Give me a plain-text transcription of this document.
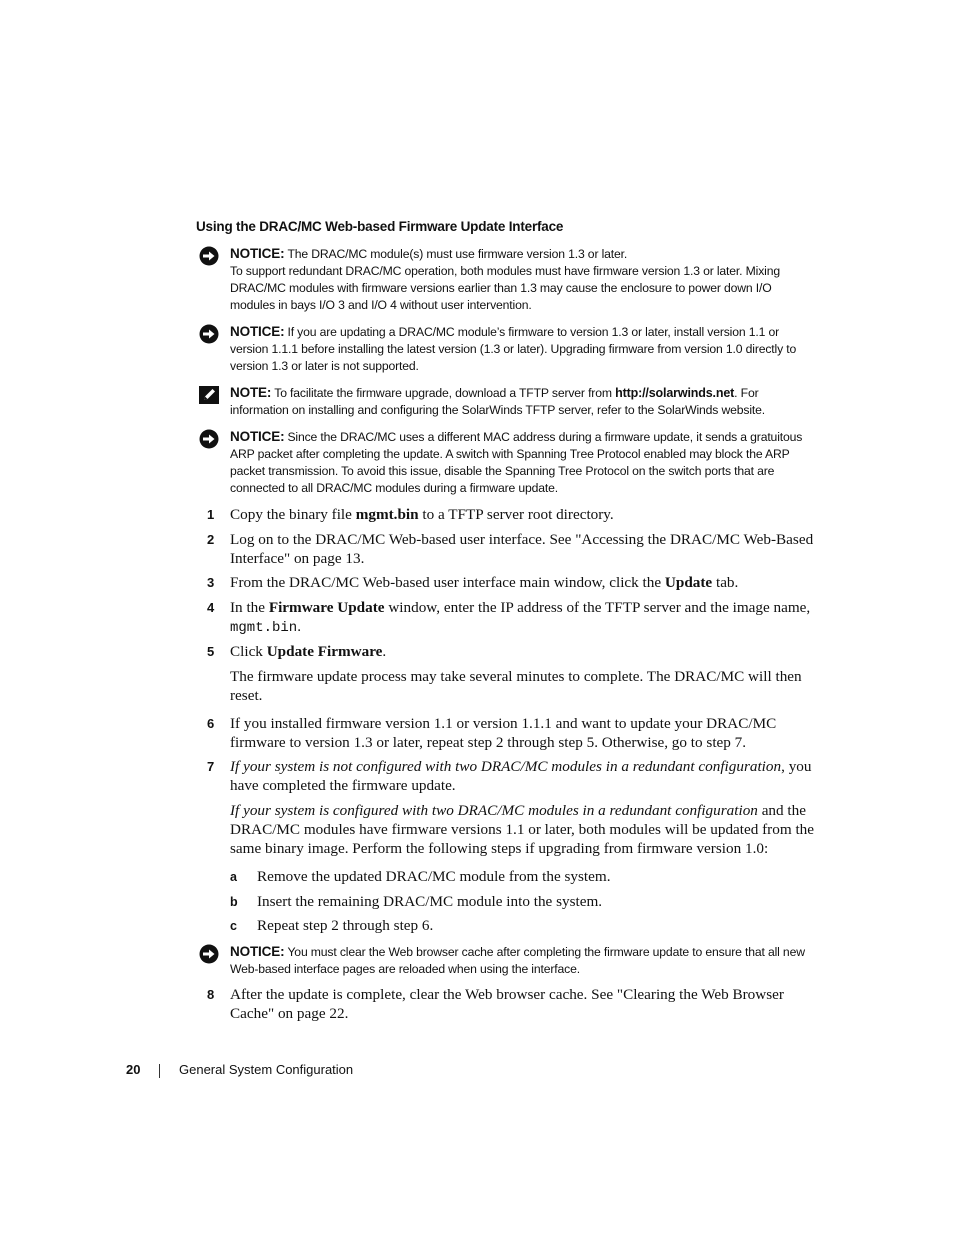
Using the DRAC/MC Web-based Firmware Update Interface
NOTICE: The DRAC/MC module(s) must use firmware version 1.3 or later.
To support redundant DRAC/MC operation, both modules must have firmware version 1.3 or later. Mixing DRAC/MC modules with firmware versions earlier than 1.3 may cause the enclosure to power down I/O modules in bays I/O 3 and I/O 4 without user intervention.
NOTICE: If you are updating a DRAC/MC module’s firmware to version 1.3 or later, install version 1.1 or version 1.1.1 before installing the latest version (1.3 or later). Upgrading firmware from version 1.0 directly to version 1.3 or later is not supported.
NOTE: To facilitate the firmware upgrade, download a TFTP server from http://solarwinds.net. For information on installing and configuring the SolarWinds TFTP server, refer to the SolarWinds website.
NOTICE: Since the DRAC/MC uses a different MAC address during a firmware update, it sends a gratuitous ARP packet after completing the update. A switch with Spanning Tree Protocol enabled may block the ARP packet transmission. To avoid this issue, disable the Spanning Tree Protocol on the switch ports that are connected to all DRAC/MC modules during a firmware update.
1 Copy the binary file mgmt.bin to a TFTP server root directory.
2 Log on to the DRAC/MC Web-based user interface. See "Accessing the DRAC/MC Web-Based Interface" on page 13.
3 From the DRAC/MC Web-based user interface main window, click the Update tab.
4 In the Firmware Update window, enter the IP address of the TFTP server and the image name, mgmt.bin.
5 Click Update Firmware.
The firmware update process may take several minutes to complete. The DRAC/MC will then reset.
6 If you installed firmware version 1.1 or version 1.1.1 and want to update your DRAC/MC firmware to version 1.3 or later, repeat step 2 through step 5. Otherwise, go to step 7.
7 If your system is not configured with two DRAC/MC modules in a redundant configuration, you have completed the firmware update.
If your system is configured with two DRAC/MC modules in a redundant configuration and the DRAC/MC modules have firmware versions 1.1 or later, both modules will be updated from the same binary image. Perform the following steps if upgrading from firmware version 1.0:
a Remove the updated DRAC/MC module from the system.
b Insert the remaining DRAC/MC module into the system.
c Repeat step 2 through step 6.
NOTICE: You must clear the Web browser cache after completing the firmware update to ensure that all new Web-based interface pages are reloaded when using the interface.
8 After the update is complete, clear the Web browser cache. See "Clearing the Web Browser Cache" on page 22.
20	General System Configuration
